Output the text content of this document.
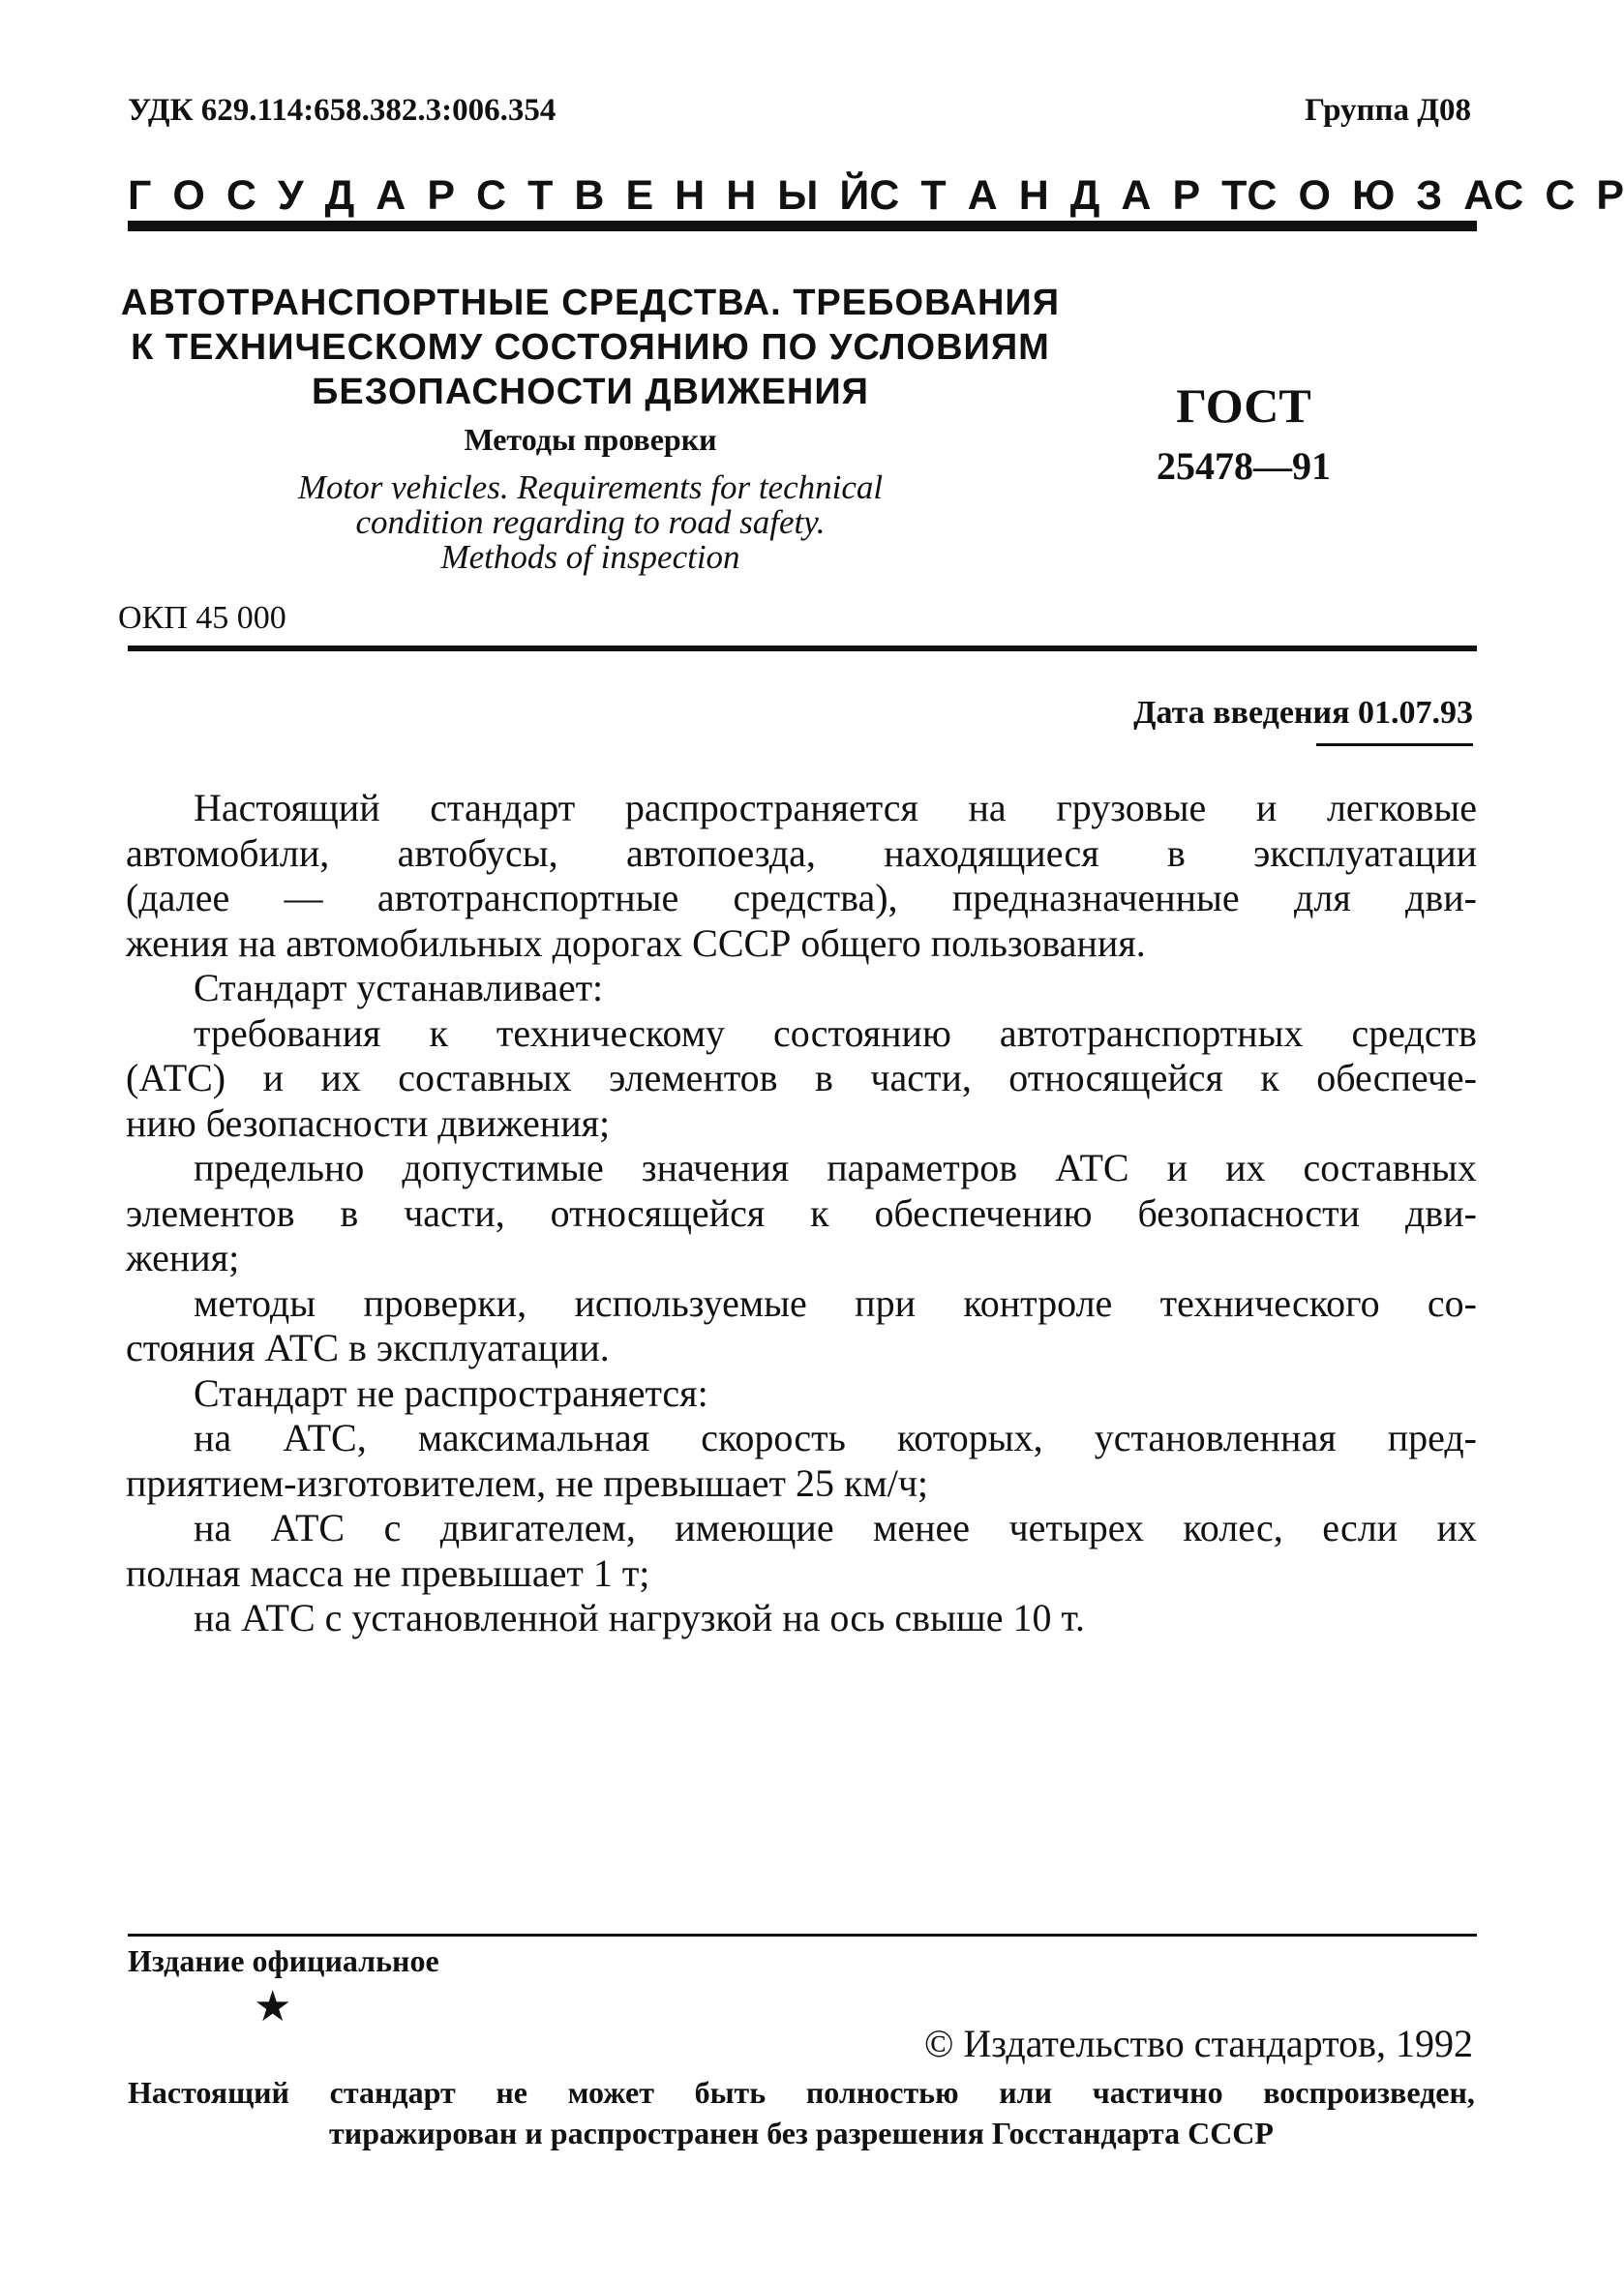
УДК 629.114:658.382.3:006.354	Группа Д08

Г О С У Д А Р С Т В Е Н Н Ы Й С Т А Н Д А Р Т С О Ю З А С С Р

АВТОТРАНСПОРТНЫЕ СРЕДСТВА. ТРЕБОВАНИЯ

К ТЕХНИЧЕСКОМУ СОСТОЯНИЮ ПО УСЛОВИЯМ

БЕЗОПАСНОСТИ ДВИЖЕНИЯ

Методы проверки

Motor vehicles. Requirements for technical

condition regarding to road safety.

Methods of inspection

ГОСТ

25478—91

ОКП 45 000

Дата введения 01.07.93

Настоящий стандарт распространяется на грузовые и легковые
автомобили, автобусы, автопоезда, находящиеся в эксплуатации
(далее — автотранспортные средства), предназначенные для дви-
жения на автомобильных дорогах СССР общего пользования.
Стандарт устанавливает:
требования к техническому состоянию автотранспортных средств
(АТС) и их составных элементов в части, относящейся к обеспече-
нию безопасности движения;
предельно допустимые значения параметров АТС и их составных
элементов в части, относящейся к обеспечению безопасности дви-
жения;
методы проверки, используемые при контроле технического со-
стояния АТС в эксплуатации.
Стандарт не распространяется:
на АТС, максимальная скорость которых, установленная пред-
приятием-изготовителем, не превышает 25 км/ч;
на АТС с двигателем, имеющие менее четырех колес, если их
полная масса не превышает 1 т;
на АТС с установленной нагрузкой на ось свыше 10 т.

Издание официальное

★

© Издательство стандартов, 1992

Настоящий стандарт не может быть полностью или частично воспроизведен,

тиражирован и распространен без разрешения Госстандарта СССР
